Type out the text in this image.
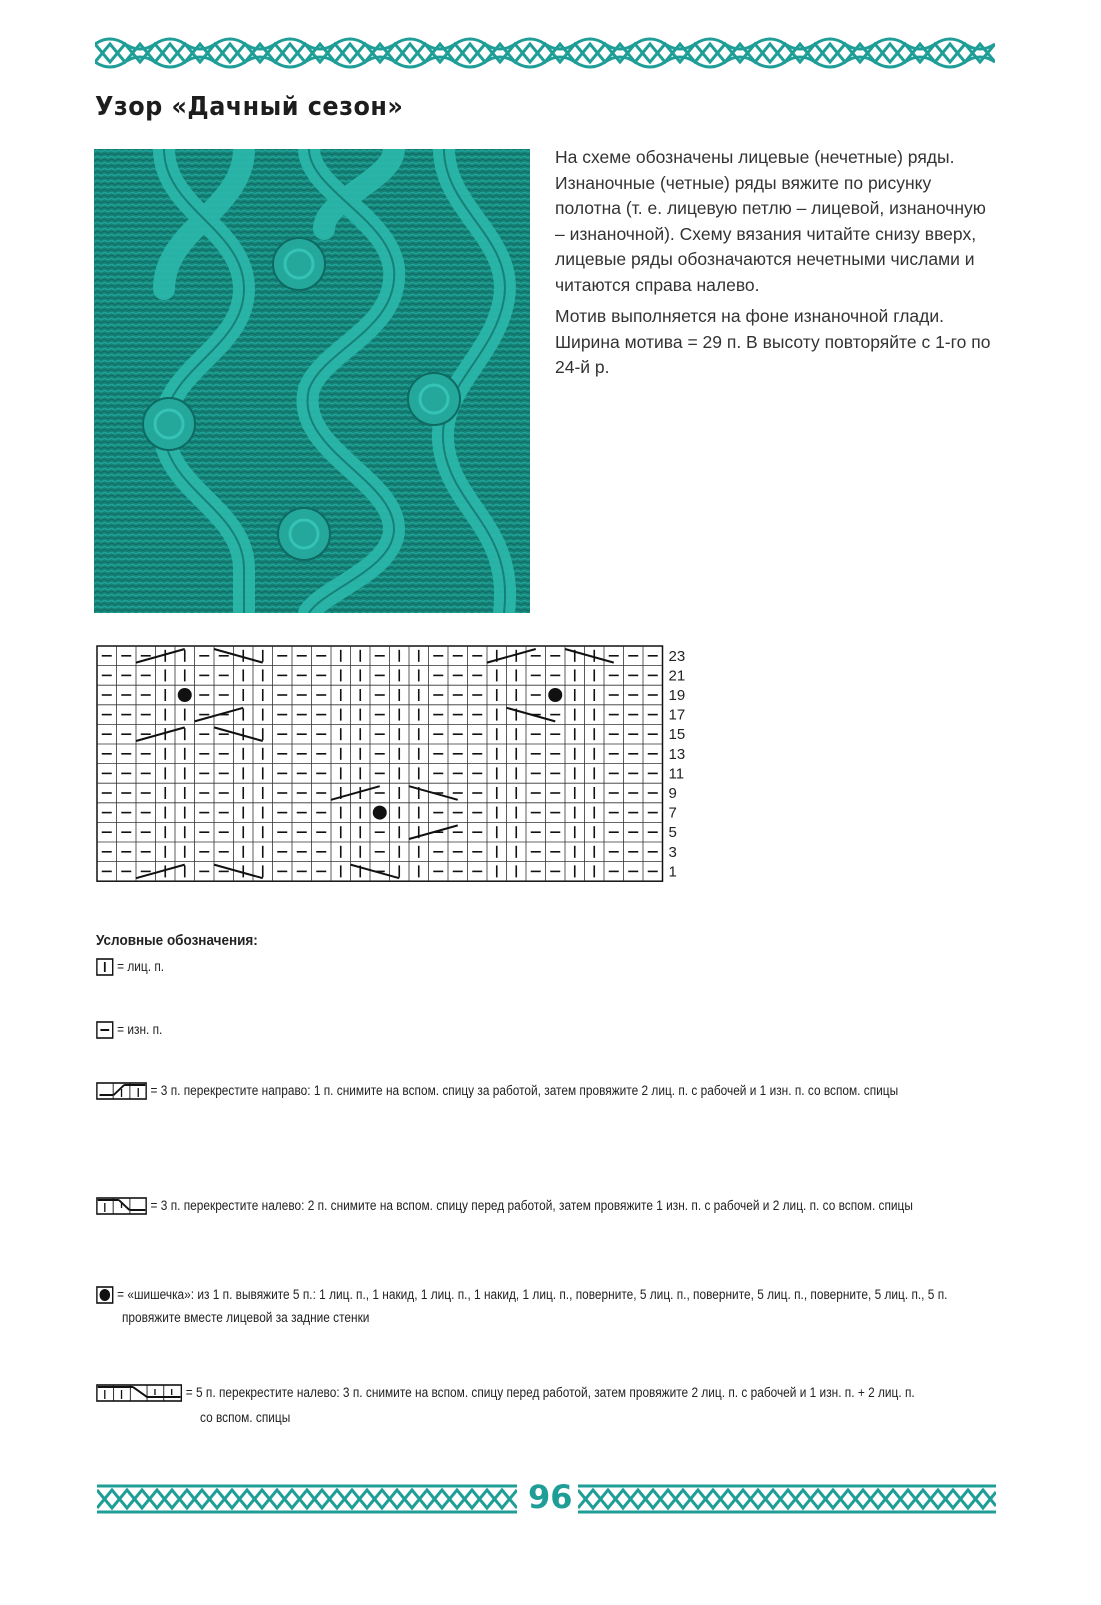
Узор «Дачный сезон»
На схеме обозначены лицевые (нечетные) ряды. Изнаночные (четные) ряды вяжите по рисунку полотна (т. е. лицевую петлю – лицевой, изнаночную – изнаночной). Схему вязания читайте снизу вверх, лицевые ряды обозначаются нечетными числами и читаются справа налево.
Мотив выполняется на фоне изнаночной глади. Ширина мотива = 29 п. В высоту повторяйте с 1-го по 24-й р.
23
21
19
17
15
13
11
9
7
5
3
1
Условные обозначения:
= лиц. п.
= изн. п.
= 3 п. перекрестите направо: 1 п. снимите на вспом. спицу за работой, затем провяжите 2 лиц. п. с рабочей и 1 изн. п. со вспом. спицы
= 3 п. перекрестите налево: 2 п. снимите на вспом. спицу перед работой, затем провяжите 1 изн. п. с рабочей и 2 лиц. п. со вспом. спицы
= «шишечка»: из 1 п. вывяжите 5 п.: 1 лиц. п., 1 накид, 1 лиц. п., 1 накид, 1 лиц. п., поверните, 5 лиц. п., поверните, 5 лиц. п., поверните, 5 лиц. п., 5 п.
провяжите вместе лицевой за задние стенки
= 5 п. перекрестите налево: 3 п. снимите на вспом. спицу перед работой, затем провяжите 2 лиц. п. с рабочей и 1 изн. п. + 2 лиц. п.
со вспом. спицы
96
